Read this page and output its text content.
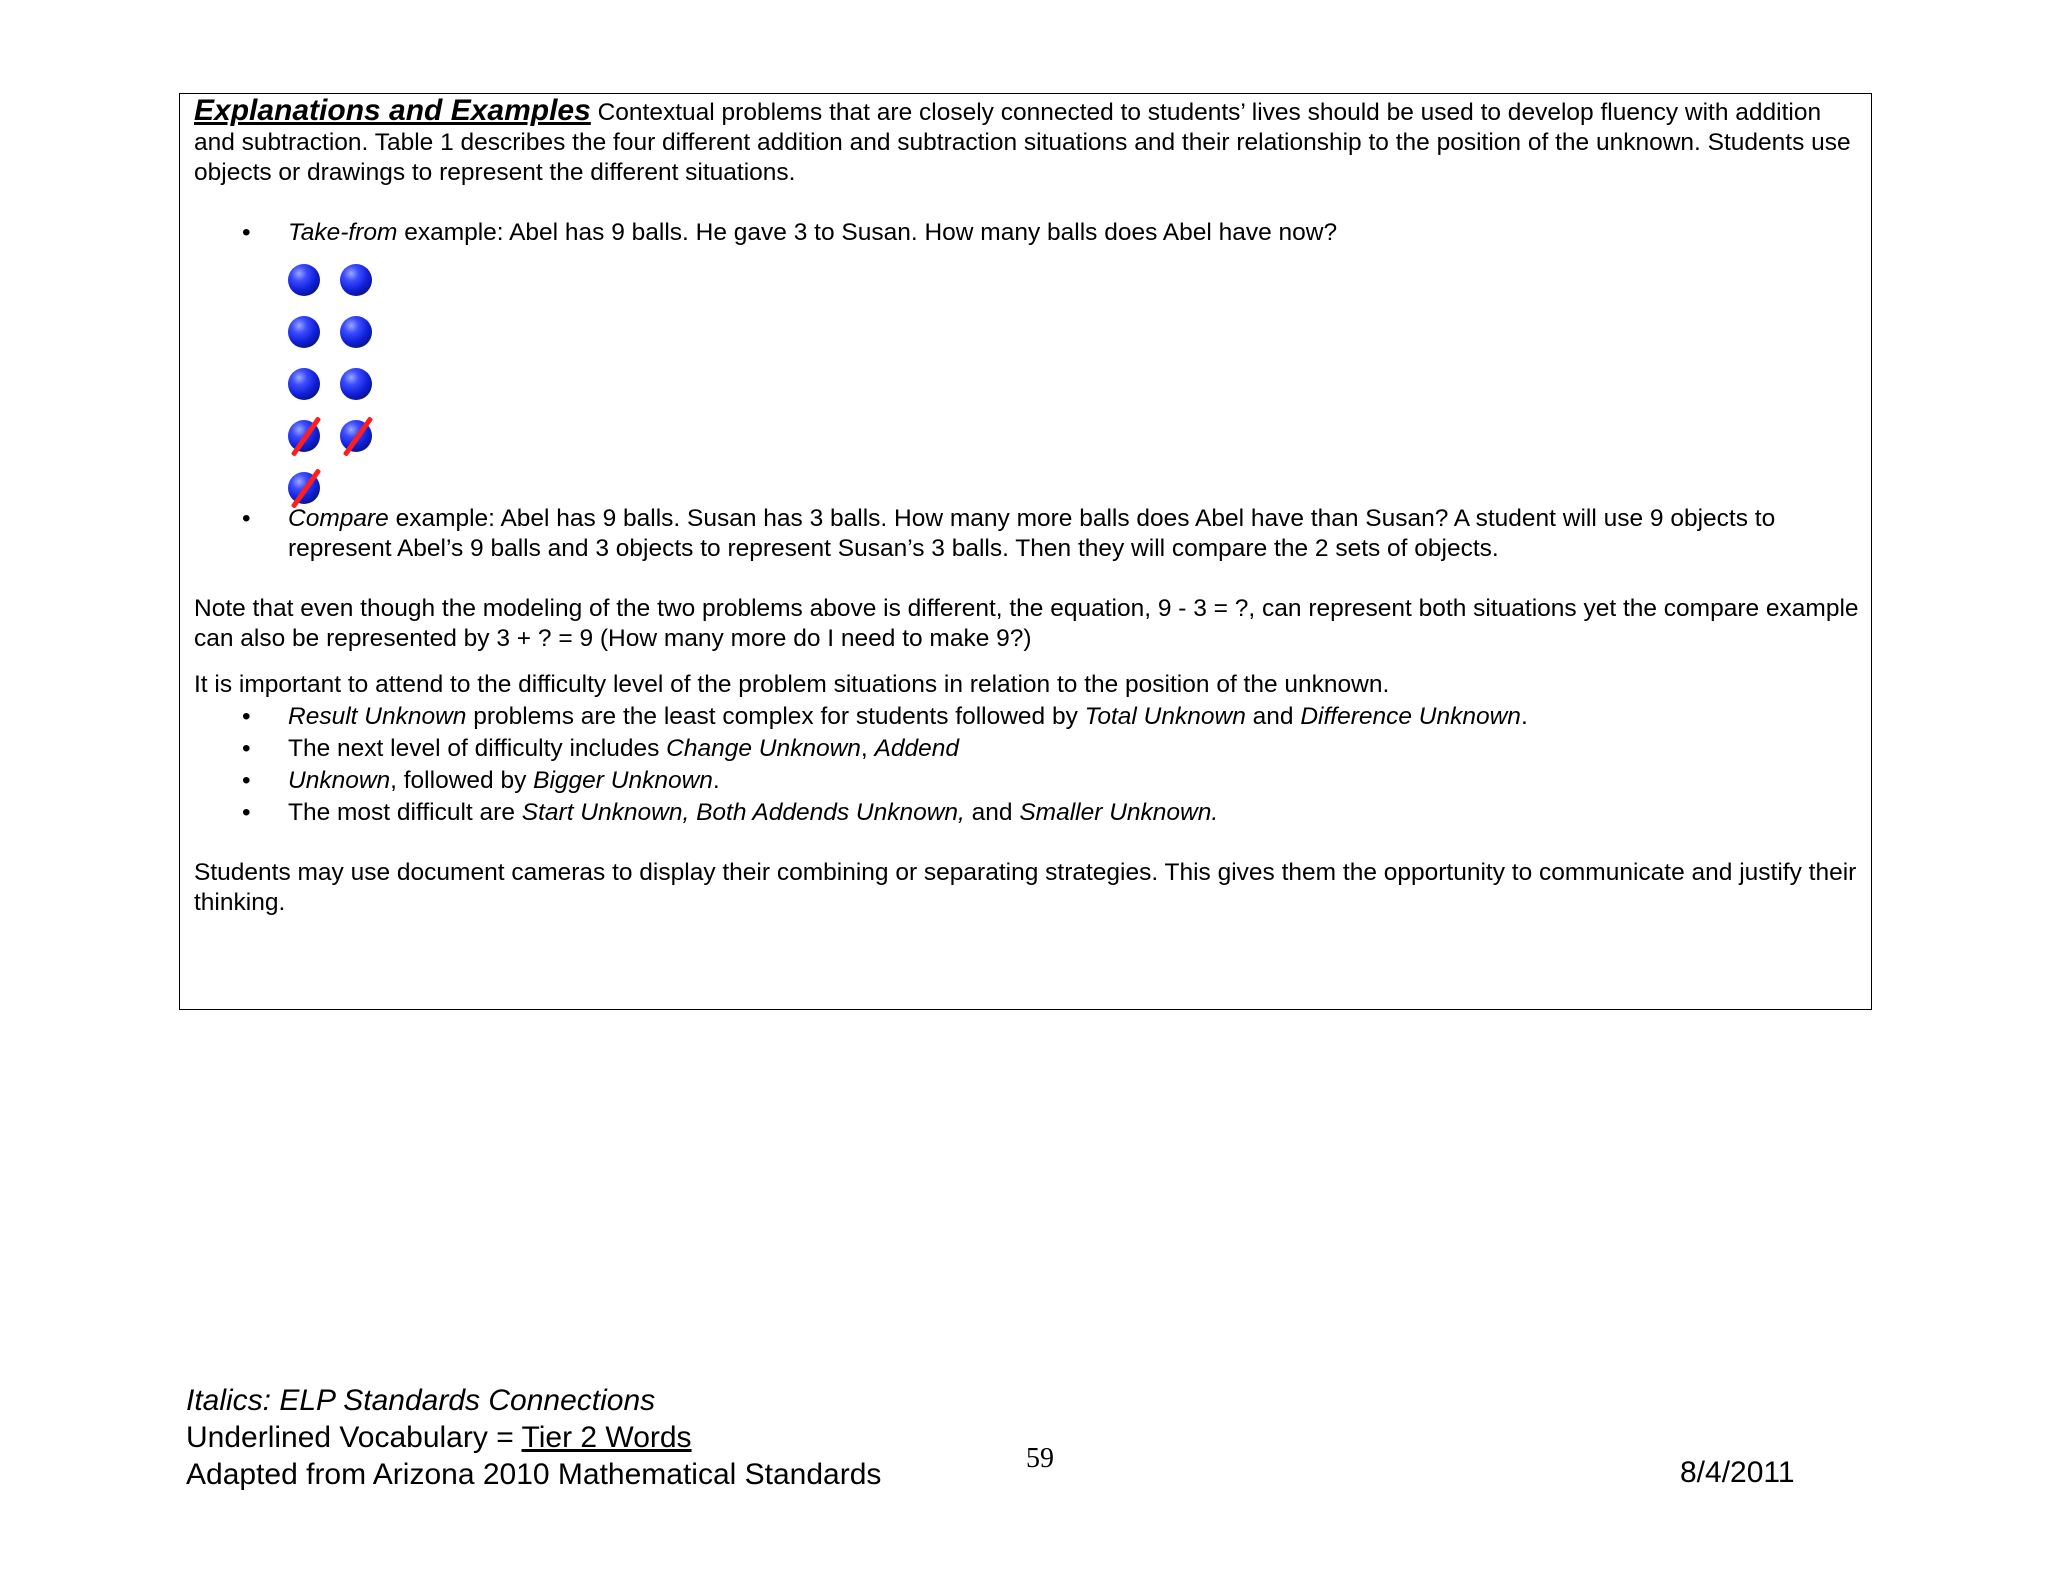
Explanations and Examples Contextual problems that are closely connected to students’ lives should be used to develop fluency with addition and subtraction. Table 1 describes the four different addition and subtraction situations and their relationship to the position of the unknown. Students use objects or drawings to represent the different situations.

• Take-from example: Abel has 9 balls. He gave 3 to Susan. How many balls does Abel have now?
• Compare example: Abel has 9 balls. Susan has 3 balls. How many more balls does Abel have than Susan? A student will use 9 objects to represent Abel’s 9 balls and 3 objects to represent Susan’s 3 balls. Then they will compare the 2 sets of objects.

Note that even though the modeling of the two problems above is different, the equation, 9 - 3 = ?, can represent both situations yet the compare example can also be represented by 3 + ? = 9 (How many more do I need to make 9?)

It is important to attend to the difficulty level of the problem situations in relation to the position of the unknown.

• Result Unknown problems are the least complex for students followed by Total Unknown and Difference Unknown.
• The next level of difficulty includes Change Unknown, Addend
• Unknown, followed by Bigger Unknown.
• The most difficult are Start Unknown, Both Addends Unknown, and Smaller Unknown.

Students may use document cameras to display their combining or separating strategies. This gives them the opportunity to communicate and justify their thinking.

Italics: ELP Standards Connections
Underlined Vocabulary = Tier 2 Words
Adapted from Arizona 2010 Mathematical Standards	59	8/4/2011
